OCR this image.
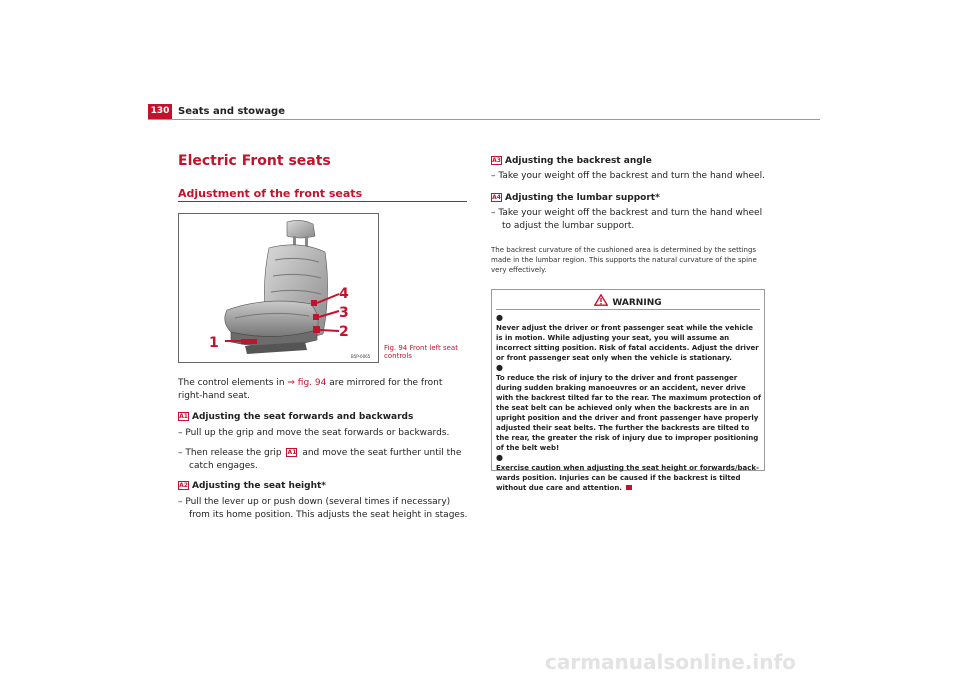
130 Seats and stowage
Electric Front seats
Adjustment of the front seats
1
2
3
4
B5P-0065
Fig. 94 Front left seat controls
The control elements in ⇒ fig. 94 are mirrored for the front right-hand seat.
A1 Adjusting the seat forwards and backwards
– Pull up the grip and move the seat forwards or backwards.
– Then release the grip A1 and move the seat further until the catch engages.
A2 Adjusting the seat height*
– Pull the lever up or push down (several times if necessary) from its home position. This adjusts the seat height in stages.
A3 Adjusting the backrest angle
– Take your weight off the backrest and turn the hand wheel.
A4 Adjusting the lumbar support*
– Take your weight off the backrest and turn the hand wheel to adjust the lumbar support.
The backrest curvature of the cushioned area is determined by the settings made in the lumbar region. This supports the natural curvature of the spine very effectively.
WARNING
●
Never adjust the driver or front passenger seat while the vehicle is in motion. While adjusting your seat, you will assume an incorrect sitting position. Risk of fatal accidents. Adjust the driver or front passenger seat only when the vehicle is stationary.
●
To reduce the risk of injury to the driver and front passenger during sudden braking manoeuvres or an accident, never drive with the backrest tilted far to the rear. The maximum protection of the seat belt can be achieved only when the backrests are in an upright position and the driver and front passenger have properly adjusted their seat belts. The further the backrests are tilted to the rear, the greater the risk of injury due to improper positioning of the belt web!
●
Exercise caution when adjusting the seat height or forwards/back-wards position. Injuries can be caused if the backrest is tilted without due care and attention.
carmanualsonline.info
